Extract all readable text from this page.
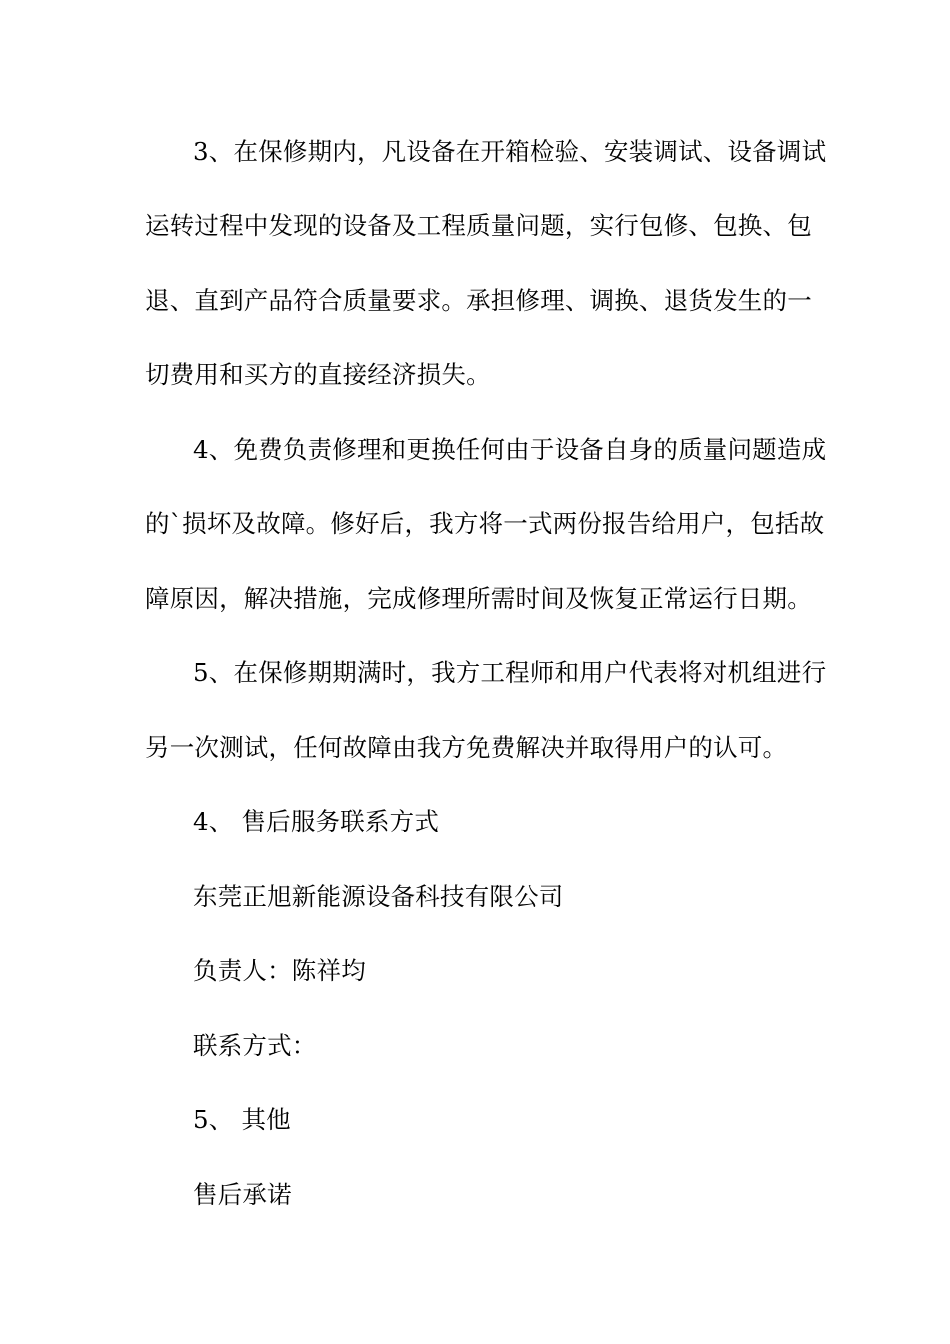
3、在保修期内，凡设备在开箱检验、安装调试、设备调试
运转过程中发现的设备及工程质量问题，实行包修、包换、包
退、直到产品符合质量要求。承担修理、调换、退货发生的一
切费用和买方的直接经济损失。
4、免费负责修理和更换任何由于设备自身的质量问题造成
的`损坏及故障。修好后，我方将一式两份报告给用户，包括故
障原因，解决措施，完成修理所需时间及恢复正常运行日期。
5、在保修期期满时，我方工程师和用户代表将对机组进行
另一次测试，任何故障由我方免费解决并取得用户的认可。
4、 售后服务联系方式
东莞正旭新能源设备科技有限公司
负责人：陈祥均
联系方式：
5、 其他
售后承诺
